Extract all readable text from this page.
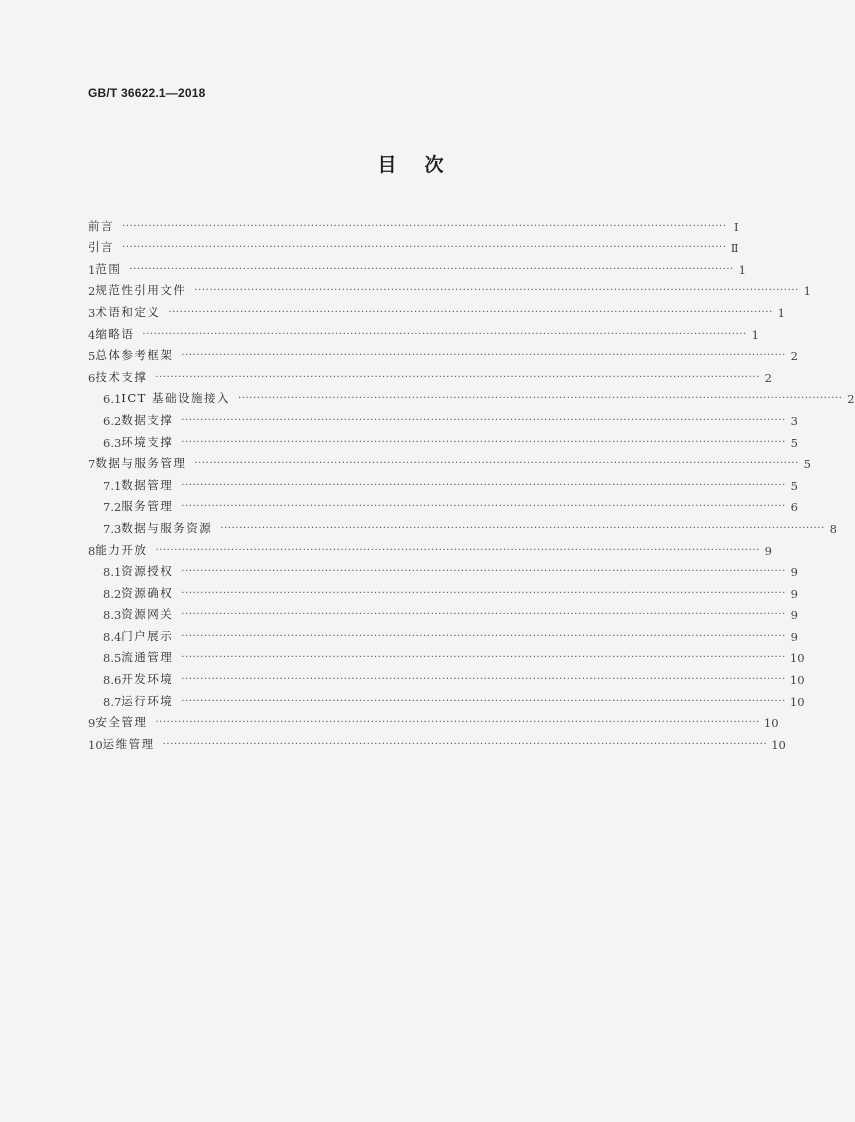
GB/T 36622.1—2018
目次
前言 ································································································································································ Ⅰ
引言 ································································································································································ Ⅱ
1 范围 ································································································································································ 1
2 规范性引用文件 ································································································································································ 1
3 术语和定义 ································································································································································ 1
4 缩略语 ································································································································································ 1
5 总体参考框架 ································································································································································ 2
6 技术支撑 ································································································································································ 2
6.1 ICT 基础设施接入 ································································································································································ 2
6.2 数据支撑 ································································································································································ 3
6.3 环境支撑 ································································································································································ 5
7 数据与服务管理 ································································································································································ 5
7.1 数据管理 ································································································································································ 5
7.2 服务管理 ································································································································································ 6
7.3 数据与服务资源 ································································································································································ 8
8 能力开放 ································································································································································ 9
8.1 资源授权 ································································································································································ 9
8.2 资源确权 ································································································································································ 9
8.3 资源网关 ································································································································································ 9
8.4 门户展示 ································································································································································ 9
8.5 流通管理 ································································································································································ 10
8.6 开发环境 ································································································································································ 10
8.7 运行环境 ································································································································································ 10
9 安全管理 ································································································································································ 10
10 运维管理 ································································································································································ 10
